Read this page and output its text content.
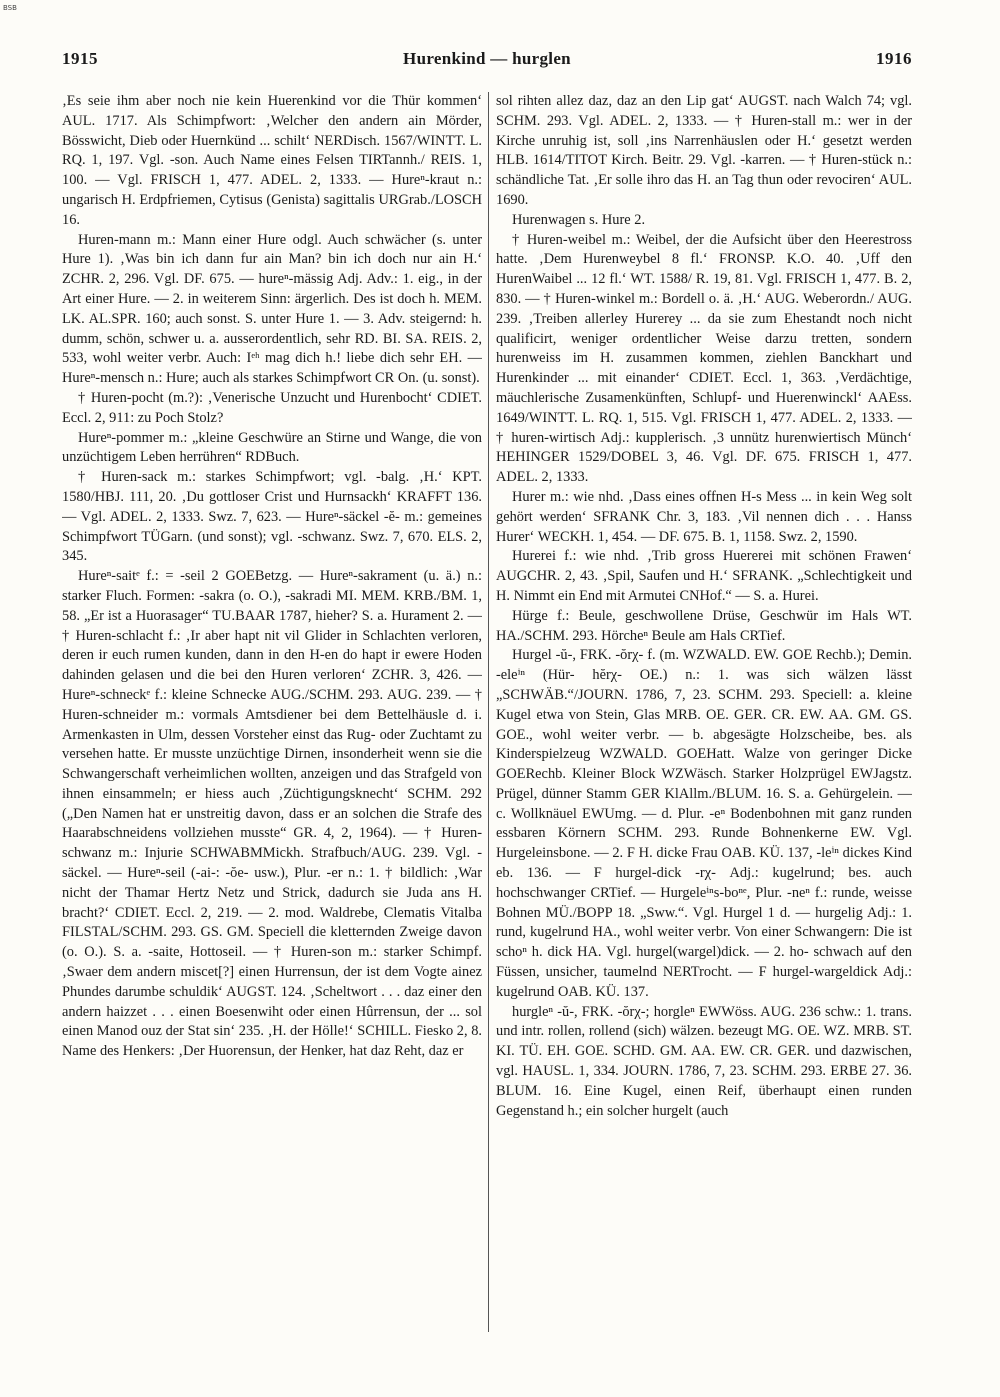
BSB
1915	Hurenkind — hurglen	1916

‚Es seie ihm aber noch nie kein Huerenkind vor die Thür kommen‘ AUL. 1717. Als Schimpfwort: ‚Welcher den andern ain Mörder, Bösswicht, Dieb oder Huernkünd ... schilt‘ NERDisch. 1567/WINTT. L. RQ. 1, 197. Vgl. -son. Auch Name eines Felsen TIRTannh./ REIS. 1, 100. — Vgl. FRISCH 1, 477. ADEL. 2, 1333. — Hureⁿ-kraut n.: ungarisch H. Erdpfriemen, Cytisus (Genista) sagittalis URGrab./LOSCH 16.

Huren-mann m.: Mann einer Hure odgl. Auch schwächer (s. unter Hure 1). ‚Was bin ich dann fur ain Man? bin ich doch nur ain H.‘ ZCHR. 2, 296. Vgl. DF. 675. — hureⁿ-mässig Adj. Adv.: 1. eig., in der Art einer Hure. — 2. in weiterem Sinn: ärgerlich. Des ist doch h. MEM. LK. AL.SPR. 160; auch sonst. S. unter Hure 1. — 3. Adv. steigernd: h. dumm, schön, schwer u. a. ausserordentlich, sehr RD. BI. SA. REIS. 2, 533, wohl weiter verbr. Auch: Iᵉʰ mag dich h.! liebe dich sehr EH. — Hureⁿ-mensch n.: Hure; auch als starkes Schimpfwort CR On. (u. sonst).

† Huren-pocht (m.?): ‚Venerische Unzucht und Hurenbocht‘ CDIET. Eccl. 2, 911: zu Poch Stolz?

Hureⁿ-pommer m.: „kleine Geschwüre an Stirne und Wange, die von unzüchtigem Leben herrühren“ RDBuch.

† Huren-sack m.: starkes Schimpfwort; vgl. -balg. ‚H.‘ KPT. 1580/HBJ. 111, 20. ‚Du gottloser Crist und Hurnsackh‘ KRAFFT 136. — Vgl. ADEL. 2, 1333. Swz. 7, 623. — Hureⁿ-säckel -ĕ- m.: gemeines Schimpfwort TÜGarn. (und sonst); vgl. -schwanz. Swz. 7, 670. ELS. 2, 345.

Hureⁿ-saitᵉ f.: = -seil 2 GOEBetzg. — Hureⁿ-sakrament (u. ä.) n.: starker Fluch. Formen: -sakra (o. O.), -sakradi MI. MEM. KRB./BM. 1, 58. „Er ist a Huorasager“ TU.BAAR 1787, hieher? S. a. Hurament 2. — † Huren-schlacht f.: ‚Ir aber hapt nit vil Glider in Schlachten verloren, deren ir euch rumen kunden, dann in den H-en do hapt ir ewere Hoden dahinden gelasen und die bei den Huren verloren‘ ZCHR. 3, 426. — Hureⁿ-schneckᵉ f.: kleine Schnecke AUG./SCHM. 293. AUG. 239. — † Huren-schneider m.: vormals Amtsdiener bei dem Bettelhäusle d. i. Armenkasten in Ulm, dessen Vorsteher einst das Rug- oder Zuchtamt zu versehen hatte. Er musste unzüchtige Dirnen, insonderheit wenn sie die Schwangerschaft verheimlichen wollten, anzeigen und das Strafgeld von ihnen einsammeln; er hiess auch ‚Züchtigungsknecht‘ SCHM. 292 („Den Namen hat er unstreitig davon, dass er an solchen die Strafe des Haarabschneidens vollziehen musste“ GR. 4, 2, 1964). — † Huren-schwanz m.: Injurie SCHWABMMickh. Strafbuch/AUG. 239. Vgl. -säckel. — Hureⁿ-seil (-ai-: -ŏe- usw.), Plur. -er n.: 1. † bildlich: ‚War nicht der Thamar Hertz Netz und Strick, dadurch sie Juda ans H. bracht?‘ CDIET. Eccl. 2, 219. — 2. mod. Waldrebe, Clematis Vitalba FILSTAL/SCHM. 293. GS. GM. Speciell die kletternden Zweige davon (o. O.). S. a. -saite, Hottoseil. — † Huren-son m.: starker Schimpf. ‚Swaer dem andern miscet[?] einen Hurrensun, der ist dem Vogte ainez Phundes darumbe schuldik‘ AUGST. 124. ‚Scheltwort . . . daz einer den andern haizzet . . . einen Boesenwiht oder einen Hûrrensun, der ... sol einen Manod ouz der Stat sin‘ 235. ‚H. der Hölle!‘ SCHILL. Fiesko 2, 8. Name des Henkers: ‚Der Huorensun, der Henker, hat daz Reht, daz er

sol rihten allez daz, daz an den Lip gat‘ AUGST. nach Walch 74; vgl. SCHM. 293. Vgl. ADEL. 2, 1333. — † Huren-stall m.: wer in der Kirche unruhig ist, soll ‚ins Narrenhäuslen oder H.‘ gesetzt werden HLB. 1614/TITOT Kirch. Beitr. 29. Vgl. -karren. — † Huren-stück n.: schändliche Tat. ‚Er solle ihro das H. an Tag thun oder revociren‘ AUL. 1690.

Hurenwagen s. Hure 2.

† Huren-weibel m.: Weibel, der die Aufsicht über den Heerestross hatte. ‚Dem Hurenweybel 8 fl.‘ FRONSP. K.O. 40. ‚Uff den HurenWaibel ... 12 fl.‘ WT. 1588/ R. 19, 81. Vgl. FRISCH 1, 477. B. 2, 830. — † Huren-winkel m.: Bordell o. ä. ‚H.‘ AUG. Weberordn./ AUG. 239. ‚Treiben allerley Hurerey ... da sie zum Ehestandt noch nicht qualificirt, weniger ordentlicher Weise darzu tretten, sondern hurenweiss im H. zusammen kommen, ziehlen Banckhart und Hurenkinder ... mit einander‘ CDIET. Eccl. 1, 363. ‚Verdächtige, mäuchlerische Zusamenkünften, Schlupf- und Huerenwinckl‘ AAEss. 1649/WINTT. L. RQ. 1, 515. Vgl. FRISCH 1, 477. ADEL. 2, 1333. — † huren-wirtisch Adj.: kupplerisch. ‚3 unnütz hurenwiertisch Münch‘ HEHINGER 1529/DOBEL 3, 46. Vgl. DF. 675. FRISCH 1, 477. ADEL. 2, 1333.

Hurer m.: wie nhd. ‚Dass eines offnen H-s Mess ... in kein Weg solt gehört werden‘ SFRANK Chr. 3, 183. ‚Vil nennen dich . . . Hanss Hurer‘ WECKH. 1, 454. — DF. 675. B. 1, 1158. Swz. 2, 1590.

Hurerei f.: wie nhd. ‚Trib gross Huererei mit schönen Frawen‘ AUGCHR. 2, 43. ‚Spil, Saufen und H.‘ SFRANK. „Schlechtigkeit und H. Nimmt ein End mit Armutei CNHof.“ — S. a. Hurei.

Hürge f.: Beule, geschwollene Drüse, Geschwür im Hals WT. HA./SCHM. 293. Hörcheⁿ Beule am Hals CRTief.

Hurgel -ŭ-, FRK. -ŏrχ- f. (m. WZWALD. EW. GOE Rechb.); Demin. -eleⁱⁿ (Hür- hĕrχ- OE.) n.: 1. was sich wälzen lässt „SCHWÄB.“/JOURN. 1786, 7, 23. SCHM. 293. Speciell: a. kleine Kugel etwa von Stein, Glas MRB. OE. GER. CR. EW. AA. GM. GS. GOE., wohl weiter verbr. — b. abgesägte Holzscheibe, bes. als Kinderspielzeug WZWALD. GOEHatt. Walze von geringer Dicke GOERechb. Kleiner Block WZWäsch. Starker Holzprügel EWJagstz. Prügel, dünner Stamm GER KlAllm./BLUM. 16. S. a. Gehürgelein. — c. Wollknäuel EWUmg. — d. Plur. -eⁿ Bodenbohnen mit ganz runden essbaren Körnern SCHM. 293. Runde Bohnenkerne EW. Vgl. Hurgeleinsbone. — 2. F H. dicke Frau OAB. KÜ. 137, -leⁱⁿ dickes Kind eb. 136. — F hurgel-dick -rχ- Adj.: kugelrund; bes. auch hochschwanger CRTief. — Hurgeleⁱⁿs-boⁿᵉ, Plur. -neⁿ f.: runde, weisse Bohnen MÜ./BOPP 18. „Sww.“. Vgl. Hurgel 1 d. — hurgelig Adj.: 1. rund, kugelrund HA., wohl weiter verbr. Von einer Schwangern: Die ist schoⁿ h. dick HA. Vgl. hurgel(wargel)dick. — 2. ho- schwach auf den Füssen, unsicher, taumelnd NERTrocht. — F hurgel-wargeldick Adj.: kugelrund OAB. KÜ. 137.

hurgleⁿ -ŭ-, FRK. -ŏrχ-; horgleⁿ EWWöss. AUG. 236 schw.: 1. trans. und intr. rollen, rollend (sich) wälzen. bezeugt MG. OE. WZ. MRB. ST. KI. TÜ. EH. GOE. SCHD. GM. AA. EW. CR. GER. und dazwischen, vgl. HAUSL. 1, 334. JOURN. 1786, 7, 23. SCHM. 293. ERBE 27. 36. BLUM. 16. Eine Kugel, einen Reif, überhaupt einen runden Gegenstand h.; ein solcher hurgelt (auch
